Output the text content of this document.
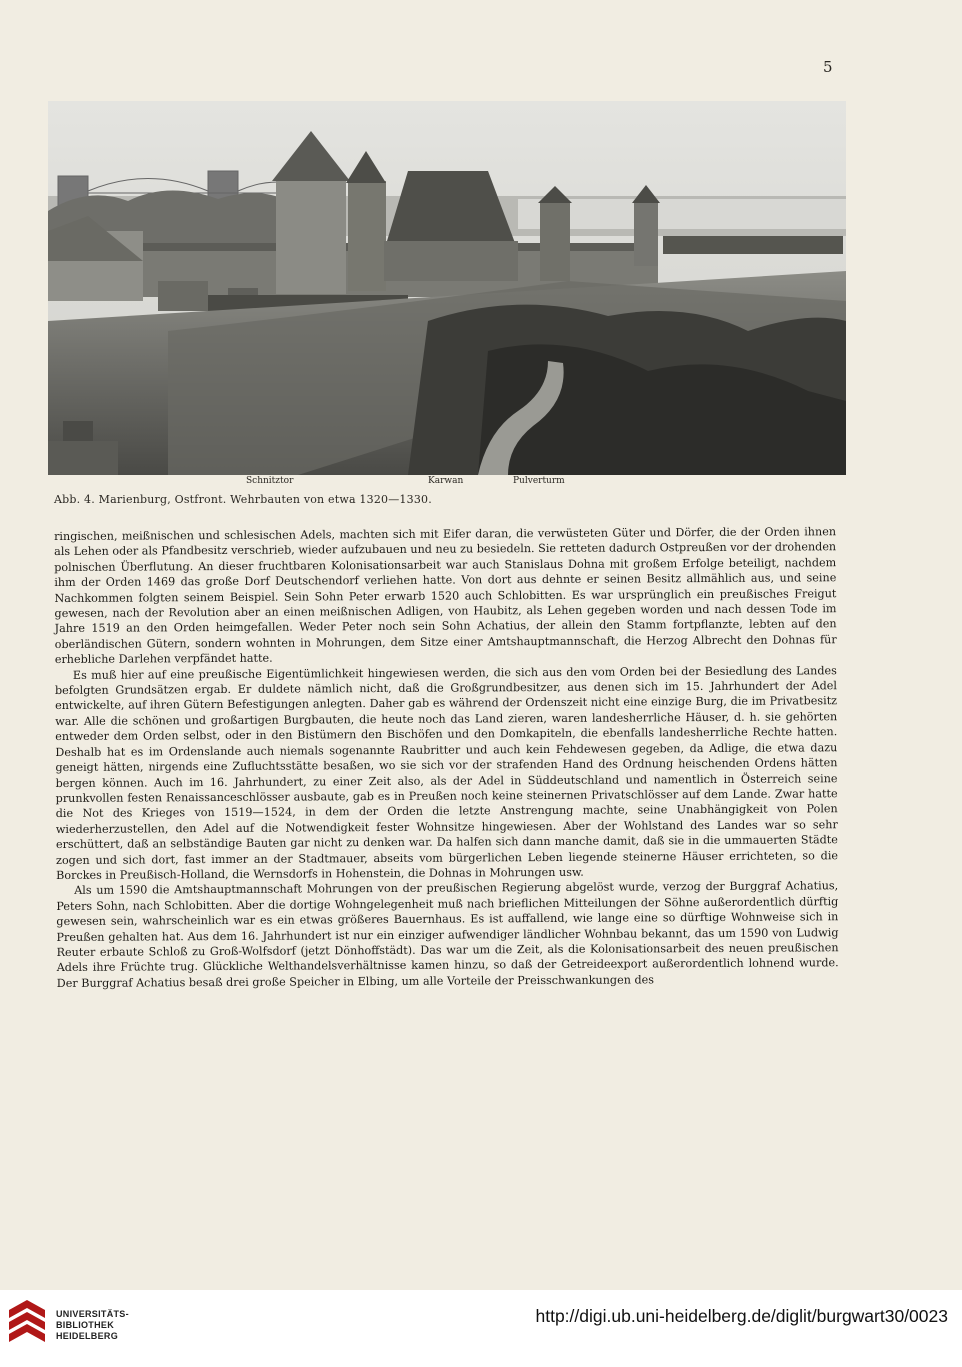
5
Schnitztor	Karwan	Pulverturm
Abb. 4. Marienburg, Ostfront. Wehrbauten von etwa 1320—1330.

ringischen, meißnischen und schlesischen Adels, machten sich mit Eifer daran, die verwüsteten Güter und Dörfer, die der Orden ihnen als Lehen oder als Pfandbesitz verschrieb, wieder aufzubauen und neu zu besiedeln. Sie retteten dadurch Ostpreußen vor der drohenden polnischen Überflutung. An dieser fruchtbaren Kolonisationsarbeit war auch Stanislaus Dohna mit großem Erfolge beteiligt, nachdem ihm der Orden 1469 das große Dorf Deutschendorf verliehen hatte. Von dort aus dehnte er seinen Besitz allmählich aus, und seine Nachkommen folgten seinem Beispiel. Sein Sohn Peter erwarb 1520 auch Schlobitten. Es war ursprünglich ein preußisches Freigut gewesen, nach der Revolution aber an einen meißnischen Adligen, von Haubitz, als Lehen gegeben worden und nach dessen Tode im Jahre 1519 an den Orden heimgefallen. Weder Peter noch sein Sohn Achatius, der allein den Stamm fortpflanzte, lebten auf den oberländischen Gütern, sondern wohnten in Mohrungen, dem Sitze einer Amtshauptmannschaft, die Herzog Albrecht den Dohnas für erhebliche Darlehen verpfändet hatte.

Es muß hier auf eine preußische Eigentümlichkeit hingewiesen werden, die sich aus den vom Orden bei der Besiedlung des Landes befolgten Grundsätzen ergab. Er duldete nämlich nicht, daß die Großgrundbesitzer, aus denen sich im 15. Jahrhundert der Adel entwickelte, auf ihren Gütern Befestigungen anlegten. Daher gab es während der Ordenszeit nicht eine einzige Burg, die im Privatbesitz war. Alle die schönen und großartigen Burgbauten, die heute noch das Land zieren, waren landesherrliche Häuser, d. h. sie gehörten entweder dem Orden selbst, oder in den Bistümern den Bischöfen und den Domkapiteln, die ebenfalls landesherrliche Rechte hatten. Deshalb hat es im Ordenslande auch niemals sogenannte Raubritter und auch kein Fehdewesen gegeben, da Adlige, die etwa dazu geneigt hätten, nirgends eine Zufluchtsstätte besaßen, wo sie sich vor der strafenden Hand des Ordnung heischenden Ordens hätten bergen können. Auch im 16. Jahrhundert, zu einer Zeit also, als der Adel in Süddeutschland und namentlich in Österreich seine prunkvollen festen Renaissanceschlösser ausbaute, gab es in Preußen noch keine steinernen Privatschlösser auf dem Lande. Zwar hatte die Not des Krieges von 1519—1524, in dem der Orden die letzte Anstrengung machte, seine Unabhängigkeit von Polen wiederherzustellen, den Adel auf die Notwendigkeit fester Wohnsitze hingewiesen. Aber der Wohlstand des Landes war so sehr erschüttert, daß an selbständige Bauten gar nicht zu denken war. Da halfen sich dann manche damit, daß sie in die ummauerten Städte zogen und sich dort, fast immer an der Stadtmauer, abseits vom bürgerlichen Leben liegende steinerne Häuser errichteten, so die Borckes in Preußisch-Holland, die Wernsdorfs in Hohenstein, die Dohnas in Mohrungen usw.

Als um 1590 die Amtshauptmannschaft Mohrungen von der preußischen Regierung abgelöst wurde, verzog der Burggraf Achatius, Peters Sohn, nach Schlobitten. Aber die dortige Wohngelegenheit muß nach brieflichen Mitteilungen der Söhne außerordentlich dürftig gewesen sein, wahrscheinlich war es ein etwas größeres Bauernhaus. Es ist auffallend, wie lange eine so dürftige Wohnweise sich in Preußen gehalten hat. Aus dem 16. Jahrhundert ist nur ein einziger aufwendiger ländlicher Wohnbau bekannt, das um 1590 von Ludwig Reuter erbaute Schloß zu Groß-Wolfsdorf (jetzt Dönhoffstädt). Das war um die Zeit, als die Kolonisationsarbeit des neuen preußischen Adels ihre Früchte trug. Glückliche Welthandelsverhältnisse kamen hinzu, so daß der Getreideexport außerordentlich lohnend wurde. Der Burggraf Achatius besaß drei große Speicher in Elbing, um alle Vorteile der Preisschwankungen des

UNIVERSITÄTS-
BIBLIOTHEK
HEIDELBERG
http://digi.ub.uni-heidelberg.de/diglit/burgwart30/0023
